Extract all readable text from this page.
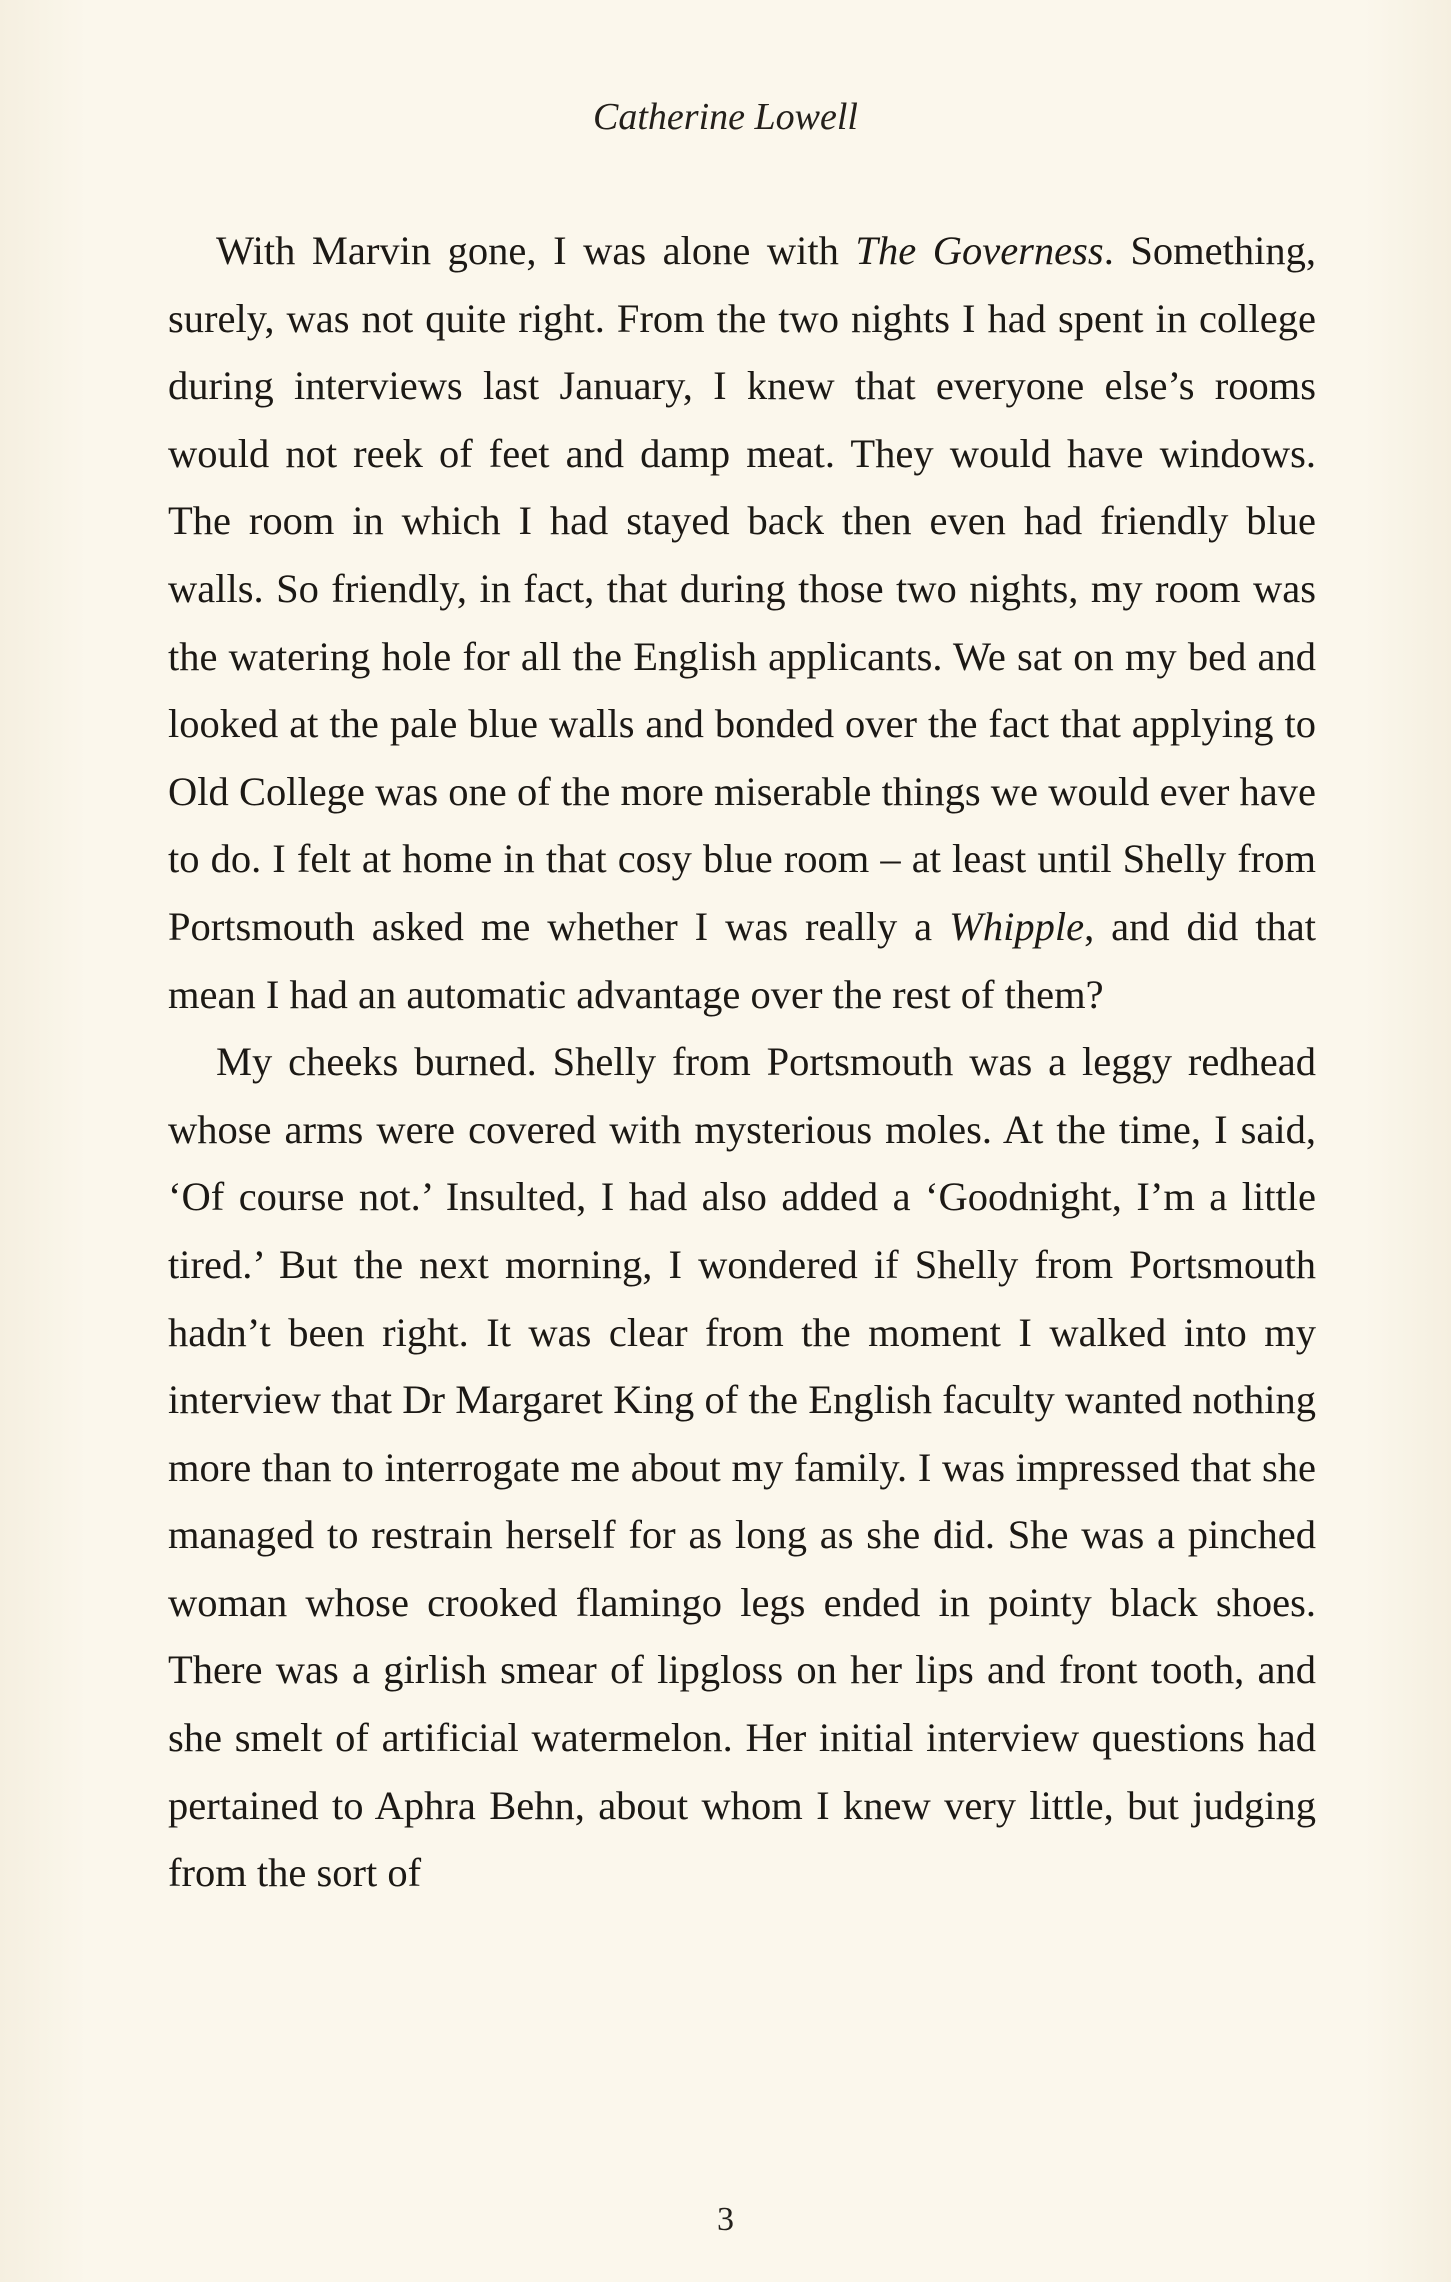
Catherine Lowell

With Marvin gone, I was alone with The Governess. Something, surely, was not quite right. From the two nights I had spent in college during interviews last January, I knew that everyone else’s rooms would not reek of feet and damp meat. They would have windows. The room in which I had stayed back then even had friendly blue walls. So friendly, in fact, that during those two nights, my room was the watering hole for all the English applicants. We sat on my bed and looked at the pale blue walls and bonded over the fact that applying to Old College was one of the more miserable things we would ever have to do. I felt at home in that cosy blue room – at least until Shelly from Portsmouth asked me whether I was really a Whipple, and did that mean I had an automatic advantage over the rest of them?

My cheeks burned. Shelly from Portsmouth was a leggy redhead whose arms were covered with mysterious moles. At the time, I said, ‘Of course not.’ Insulted, I had also added a ‘Goodnight, I’m a little tired.’ But the next morning, I wondered if Shelly from Portsmouth hadn’t been right. It was clear from the moment I walked into my interview that Dr Margaret King of the English faculty wanted nothing more than to interrogate me about my family. I was impressed that she managed to restrain herself for as long as she did. She was a pinched woman whose crooked flamingo legs ended in pointy black shoes. There was a girlish smear of lipgloss on her lips and front tooth, and she smelt of artificial watermelon. Her initial interview questions had pertained to Aphra Behn, about whom I knew very little, but judging from the sort of

3
